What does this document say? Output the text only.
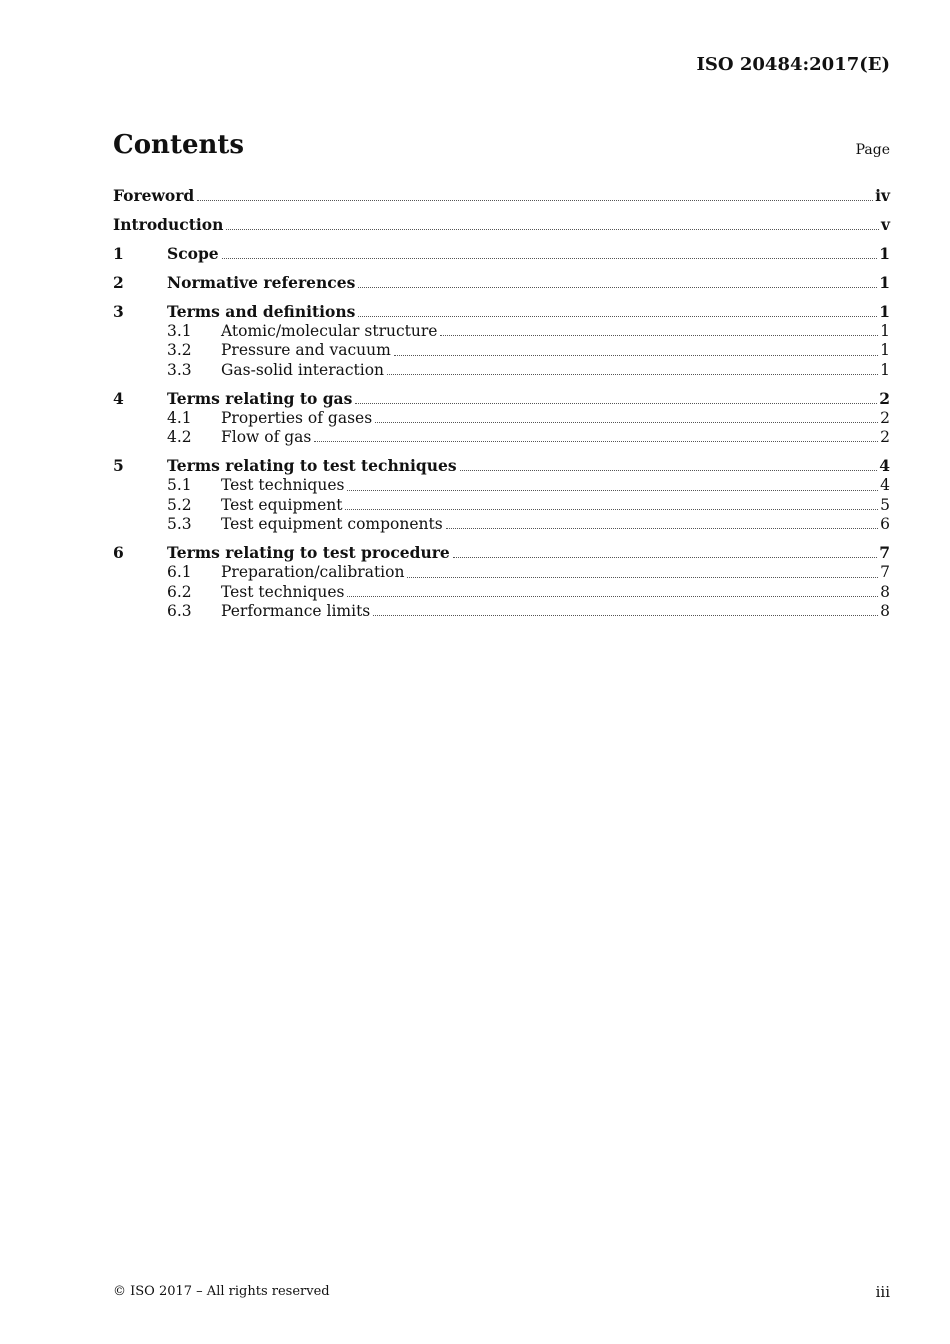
ISO 20484:2017(E)
Contents	Page
Foreword	iv
Introduction	v
1	Scope	1
2	Normative references	1
3	Terms and definitions	1
3.1	Atomic/molecular structure	1
3.2	Pressure and vacuum	1
3.3	Gas-solid interaction	1
4	Terms relating to gas	2
4.1	Properties of gases	2
4.2	Flow of gas	2
5	Terms relating to test techniques	4
5.1	Test techniques	4
5.2	Test equipment	5
5.3	Test equipment components	6
6	Terms relating to test procedure	7
6.1	Preparation/calibration	7
6.2	Test techniques	8
6.3	Performance limits	8
© ISO 2017 – All rights reserved	iii
